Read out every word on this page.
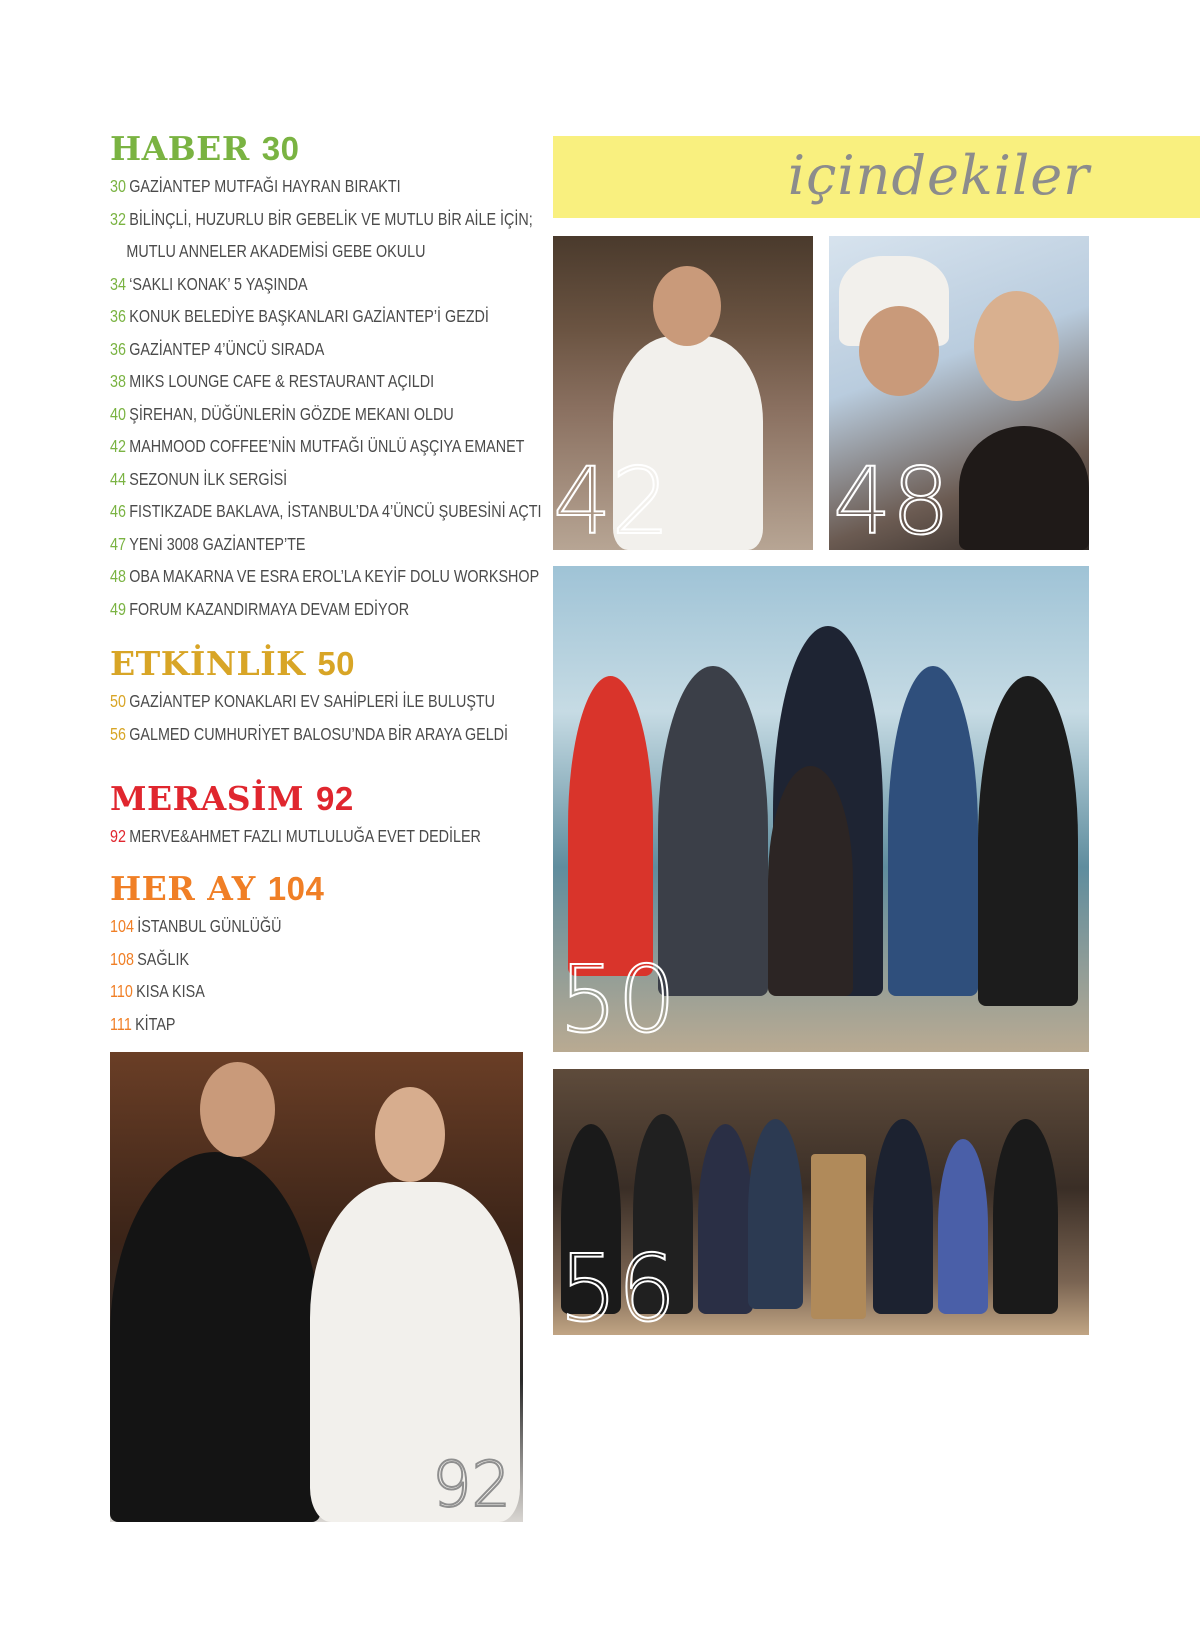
HABER 30
30 GAZİANTEP MUTFAĞI HAYRAN BIRAKTI
32 BİLİNÇLİ, HUZURLU BİR GEBELİK VE MUTLU BİR AİLE İÇİN;
MUTLU ANNELER AKADEMİSİ GEBE OKULU
34 ‘SAKLI KONAK’ 5 YAŞINDA
36 KONUK BELEDİYE BAŞKANLARI GAZİANTEP’İ GEZDİ
36 GAZİANTEP 4’ÜNCÜ SIRADA
38 MIKS LOUNGE CAFE & RESTAURANT AÇILDI
40 ŞİREHAN, DÜĞÜNLERİN GÖZDE MEKANI OLDU
42 MAHMOOD COFFEE’NİN MUTFAĞI ÜNLÜ AŞÇIYA EMANET
44 SEZONUN İLK SERGİSİ
46 FISTIKZADE BAKLAVA, İSTANBUL’DA 4’ÜNCÜ ŞUBESİNİ AÇTI
47 YENİ 3008 GAZİANTEP’TE
48 OBA MAKARNA VE ESRA EROL’LA KEYİF DOLU WORKSHOP
49 FORUM KAZANDIRMAYA DEVAM EDİYOR
ETKİNLİK 50
50 GAZİANTEP KONAKLARI EV SAHİPLERİ İLE BULUŞTU
56 GALMED CUMHURİYET BALOSU’NDA BİR ARAYA GELDİ
MERASİM 92
92 MERVE&AHMET FAZLI MUTLULUĞA EVET DEDİLER
HER AY 104
104 İSTANBUL GÜNLÜĞÜ
108 SAĞLIK
110 KISA KISA
111 KİTAP
içindekiler
42 48
50
56
92
